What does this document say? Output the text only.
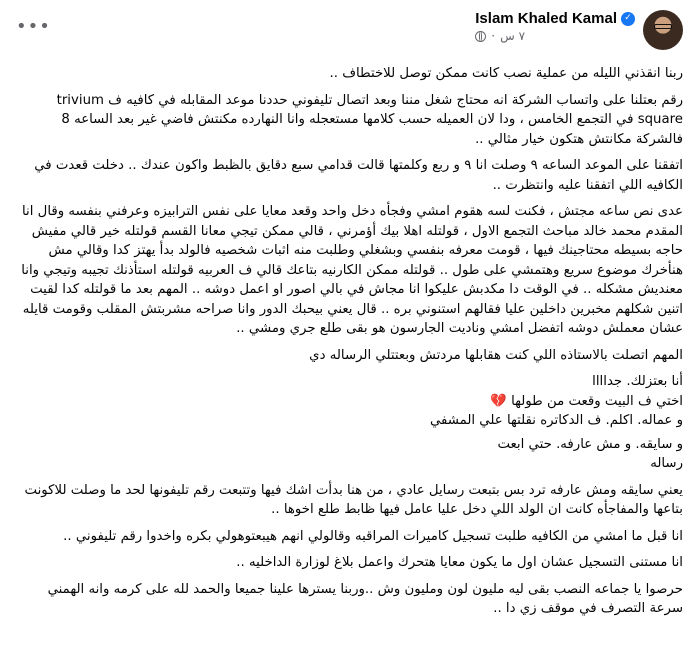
Islam Khaled Kamal ✓
٧ س
·
•••

ربنا انقذني الليله من عملية نصب كانت ممكن توصل للاختطاف ..

رقم بعتلنا على واتساب الشركة انه محتاج شغل مننا وبعد اتصال تليفوني حددنا موعد المقابله في كافيه ف trivium square في التجمع الخامس ، ودا لان العميله حسب كلامها مستعجله وانا النهارده مكنتش فاضي غير بعد الساعه 8 فالشركة مكانتش هتكون خيار مثالي ..

اتفقنا على الموعد الساعه ٩ وصلت انا ٩ و ربع وكلمتها قالت قدامي سبع دقايق بالظبط واكون عندك .. دخلت قعدت في الكافيه اللي اتفقنا عليه وانتظرت ..

عدى نص ساعه مجتش ، فكنت لسه هقوم امشي وفجأه دخل واحد وقعد معايا على نفس الترابيزه وعرفني بنفسه وقال انا المقدم محمد خالد مباحث التجمع الاول ، قولتله اهلا بيك أؤمرني ، قالي ممكن تيجي معانا القسم قولتله خير قالي مفيش حاجه بسيطه محتاجينك فيها ، قومت معرفه بنفسي وبشغلي وطلبت منه اثبات شخصيه فالولد بدأ يهتز كدا وقالي مش هنأخرك موضوع سريع وهتمشي على طول .. قولتله ممكن الكارنيه بتاعك قالي ف العربيه قولتله استأذنك تجيبه وتيجي وانا معنديش مشكله .. في الوقت دا مكدبش عليكوا انا مجاش في بالي اصور او اعمل دوشه .. المهم بعد ما قولتله كدا لقيت اتنين شكلهم مخبرين داخلين عليا فقالهم استنوني بره .. قال يعني بيحبك الدور وانا صراحه مشربتش المقلب وقومت قايله عشان معملش دوشه اتفضل امشي وناديت الجارسون هو بقى طلع جري ومشي ..

المهم اتصلت بالاستاذه اللي كنت هقابلها مردتش وبعتتلي الرساله دي

أنا بعتزلك. جداااا
اختي ف البيت وقعت من طولها 💔
و عماله. اكلم. ف الدكاتره نقلتها علي المشفي

و سايقه. و مش عارفه. حتي ابعت
رساله

يعني سايقه ومش عارفه ترد بس بتبعت رسايل عادي ، من هنا بدأت اشك فيها وتتبعت رقم تليفونها لحد ما وصلت للاكونت بتاعها والمفاجأه كانت ان الولد اللي دخل عليا عامل فيها ظابط طلع اخوها ..

انا قبل ما امشي من الكافيه طلبت تسجيل كاميرات المراقبه وقالولي انهم هيبعتوهولي بكره واخدوا رقم تليفوني ..

انا مستنى التسجيل عشان اول ما يكون معايا هتحرك واعمل بلاغ لوزارة الداخليه ..

حرصوا يا جماعه النصب بقى ليه مليون لون ومليون وش ..وربنا يسترها علينا جميعا والحمد لله على كرمه وانه الهمني سرعة التصرف في موقف زي دا ..
